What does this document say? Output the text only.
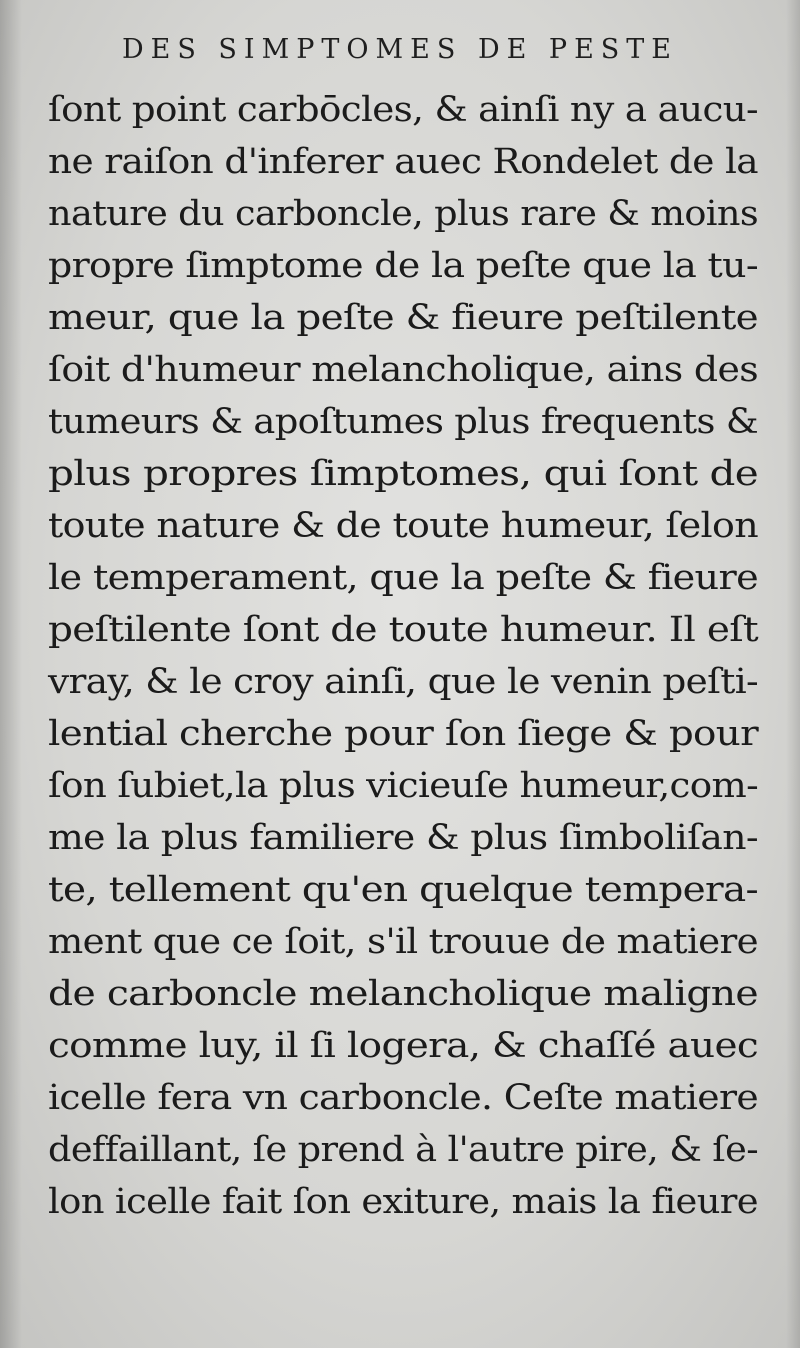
DES SIMPTOMES DE PESTE
ſont point carbōcles, & ainſi ny a aucu-
ne raiſon d'inferer auec Rondelet de la
nature du carboncle, plus rare & moins
propre ſimptome de la peſte que la tu-
meur, que la peſte & fieure peſtilente
ſoit d'humeur melancholique, ains des
tumeurs & apoſtumes plus frequents &
plus propres ſimptomes, qui ſont de
toute nature & de toute humeur, ſelon
le temperament, que la peſte & fieure
peſtilente ſont de toute humeur. Il eſt
vray, & le croy ainſi, que le venin peſti-
lential cherche pour ſon ſiege & pour
ſon ſubiet,la plus vicieuſe humeur,com-
me la plus familiere & plus ſimboliſan-
te, tellement qu'en quelque tempera-
ment que ce ſoit, s'il trouue de matiere
de carboncle melancholique maligne
comme luy, il ſi logera, & chaſſé auec
icelle fera vn carboncle. Ceſte matiere
deffaillant, ſe prend à l'autre pire, & ſe-
lon icelle fait ſon exiture, mais la fieure
